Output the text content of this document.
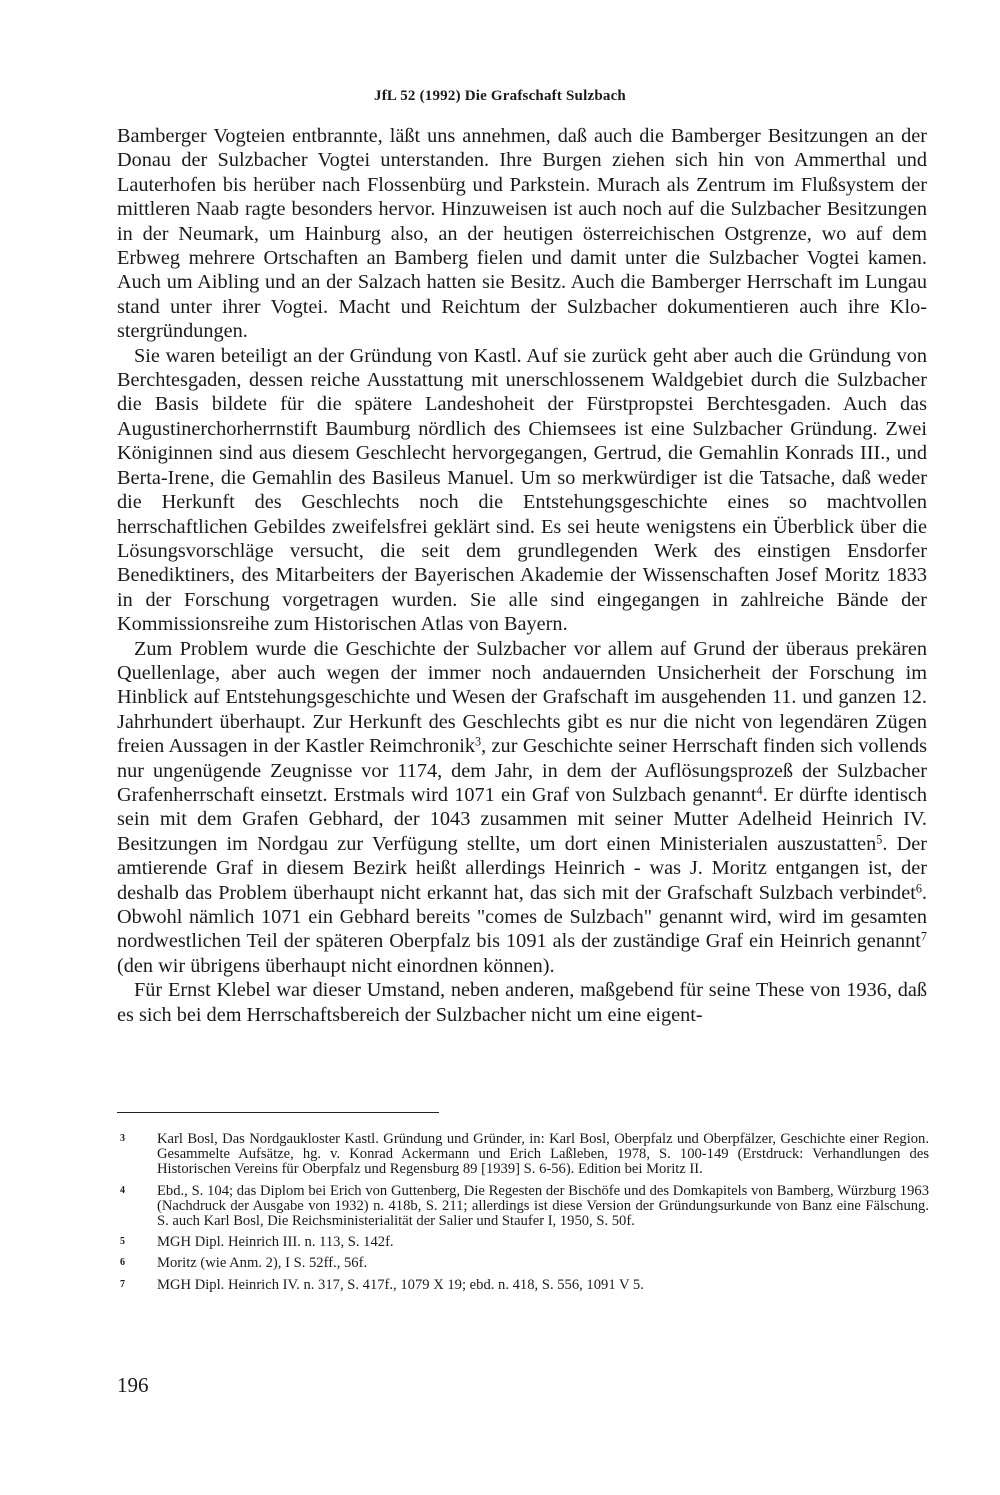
JfL 52 (1992) Die Grafschaft Sulzbach

Bamberger Vogteien entbrannte, läßt uns annehmen, daß auch die Bamberger Besitzungen an der Donau der Sulzbacher Vogtei unterstanden. Ihre Burgen ziehen sich hin von Ammerthal und Lauterhofen bis herüber nach Flossenbürg und Parkstein. Murach als Zentrum im Flußsystem der mittleren Naab ragte besonders hervor. Hinzuweisen ist auch noch auf die Sulzbacher Besitzungen in der Neumark, um Hainburg also, an der heutigen österreichischen Ostgrenze, wo auf dem Erbweg mehrere Ortschaften an Bamberg fielen und damit unter die Sulzbacher Vogtei kamen. Auch um Aibling und an der Salzach hatten sie Besitz. Auch die Bamberger Herrschaft im Lungau stand unter ihrer Vogtei. Macht und Reichtum der Sulzbacher dokumentieren auch ihre Klostergründungen.

Sie waren beteiligt an der Gründung von Kastl. Auf sie zurück geht aber auch die Gründung von Berchtesgaden, dessen reiche Ausstattung mit unerschlossenem Waldgebiet durch die Sulzbacher die Basis bildete für die spätere Landeshoheit der Fürstpropstei Berchtesgaden. Auch das Augustinerchorherrnstift Baumburg nördlich des Chiemsees ist eine Sulzbacher Gründung. Zwei Königinnen sind aus diesem Geschlecht hervorgegangen, Gertrud, die Gemahlin Konrads III., und Berta-Irene, die Gemahlin des Basileus Manuel. Um so merkwürdiger ist die Tatsache, daß weder die Herkunft des Geschlechts noch die Entstehungsgeschichte eines so machtvollen herrschaftlichen Gebildes zweifelsfrei geklärt sind. Es sei heute wenigstens ein Überblick über die Lösungsvorschläge versucht, die seit dem grundlegenden Werk des einstigen Ensdorfer Benediktiners, des Mitarbeiters der Bayerischen Akademie der Wissenschaften Josef Moritz 1833 in der Forschung vorgetragen wurden. Sie alle sind eingegangen in zahlreiche Bände der Kommissionsreihe zum Historischen Atlas von Bayern.

Zum Problem wurde die Geschichte der Sulzbacher vor allem auf Grund der überaus prekären Quellenlage, aber auch wegen der immer noch andauernden Unsicherheit der Forschung im Hinblick auf Entstehungsgeschichte und Wesen der Grafschaft im ausgehenden 11. und ganzen 12. Jahrhundert überhaupt. Zur Herkunft des Geschlechts gibt es nur die nicht von legendären Zügen freien Aussagen in der Kastler Reimchronik$^3$, zur Geschichte seiner Herrschaft finden sich vollends nur ungenügende Zeugnisse vor 1174, dem Jahr, in dem der Auflösungsprozeß der Sulzbacher Grafenherrschaft einsetzt. Erstmals wird 1071 ein Graf von Sulzbach genannt$^4$. Er dürfte identisch sein mit dem Grafen Gebhard, der 1043 zusammen mit seiner Mutter Adelheid Heinrich IV. Besitzungen im Nordgau zur Verfügung stellte, um dort einen Ministerialen auszustatten$^5$. Der amtierende Graf in diesem Bezirk heißt allerdings Heinrich - was J. Moritz entgangen ist, der deshalb das Problem überhaupt nicht erkannt hat, das sich mit der Grafschaft Sulzbach verbindet$^6$. Obwohl nämlich 1071 ein Gebhard bereits "comes de Sulzbach" genannt wird, wird im gesamten nordwestlichen Teil der späteren Oberpfalz bis 1091 als der zuständige Graf ein Heinrich genannt$^7$ (den wir übrigens überhaupt nicht einordnen können).

Für Ernst Klebel war dieser Umstand, neben anderen, maßgebend für seine These von 1936, daß es sich bei dem Herrschaftsbereich der Sulzbacher nicht um eine eigent-

3 Karl Bosl, Das Nordgaukloster Kastl. Gründung und Gründer, in: Karl Bosl, Oberpfalz und Oberpfälzer, Geschichte einer Region. Gesammelte Aufsätze, hg. v. Konrad Ackermann und Erich Laßleben, 1978, S. 100-149 (Erstdruck: Verhandlungen des Historischen Vereins für Oberpfalz und Regensburg 89 [1939] S. 6-56). Edition bei Moritz II.
4 Ebd., S. 104; das Diplom bei Erich von Guttenberg, Die Regesten der Bischöfe und des Domkapitels von Bamberg, Würzburg 1963 (Nachdruck der Ausgabe von 1932) n. 418b, S. 211; allerdings ist diese Version der Gründungsurkunde von Banz eine Fälschung. S. auch Karl Bosl, Die Reichsministerialität der Salier und Staufer I, 1950, S. 50f.
5 MGH Dipl. Heinrich III. n. 113, S. 142f.
6 Moritz (wie Anm. 2), I S. 52ff., 56f.
7 MGH Dipl. Heinrich IV. n. 317, S. 417f., 1079 X 19; ebd. n. 418, S. 556, 1091 V 5.
196
